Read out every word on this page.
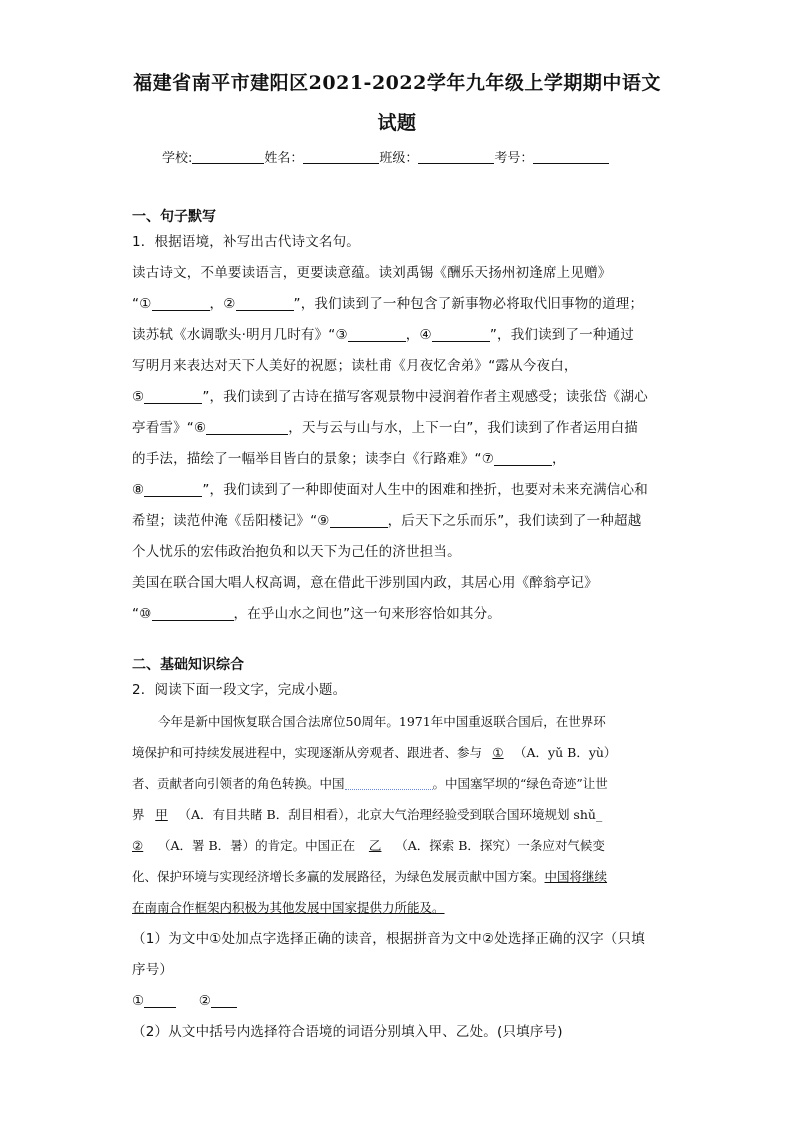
福建省南平市建阳区2021-2022学年九年级上学期期中语文
试题
学校:	姓名：	班级：	考号：
一、句子默写

1．根据语境，补写出古代诗文名句。

读古诗文，不单要读语言，更要读意蕴。读刘禹锡《酬乐天扬州初逢席上见赠》

“①	，②	”，我们读到了一种包含了新事物必将取代旧事物的道理；

读苏轼《水调歌头·明月几时有》“③	，④	”，我们读到了一种通过

写明月来表达对天下人美好的祝愿；读杜甫《月夜忆舍弟》“露从今夜白，

⑤	”，我们读到了古诗在描写客观景物中浸润着作者主观感受；读张岱《湖心

亭看雪》“⑥	，天与云与山与水，上下一白”，我们读到了作者运用白描

的手法，描绘了一幅举目皆白的景象；读李白《行路难》“⑦	，

⑧	”，我们读到了一种即使面对人生中的困难和挫折，也要对未来充满信心和

希望；读范仲淹《岳阳楼记》“⑨	，后天下之乐而乐”，我们读到了一种超越

个人忧乐的宏伟政治抱负和以天下为己任的济世担当。

美国在联合国大唱人权高调，意在借此干涉别国内政，其居心用《醉翁亭记》

“⑩	，在乎山水之间也”这一句来形容恰如其分。

二、基础知识综合
2．阅读下面一段文字，完成小题。

今年是新中国恢复联合国合法席位50周年。1971年中国重返联合国后，在世界环

境保护和可持续发展进程中，实现逐渐从旁观者、跟进者、参与 ① （A．yǔ B．yù）

者、贡献者向引领者的角色转换。中国	。中国塞罕坝的“绿色奇迹”让世

界 甲 （A．有目共睹 B．刮目相看），北京大气治理经验受到联合国环境规划 shǔ_

② （A．署 B．暑）的肯定。中国正在 乙 （A．探索 B．探究）一条应对气候变

化、保护环境与实现经济增长多赢的发展路径，为绿色发展贡献中国方案。中国将继续

在南南合作框架内积极为其他发展中国家提供力所能及。

（1）为文中①处加点字选择正确的读音，根据拼音为文中②处选择正确的汉字（只填

序号）

①	②

（2）从文中括号内选择符合语境的词语分别填入甲、乙处。(只填序号)
